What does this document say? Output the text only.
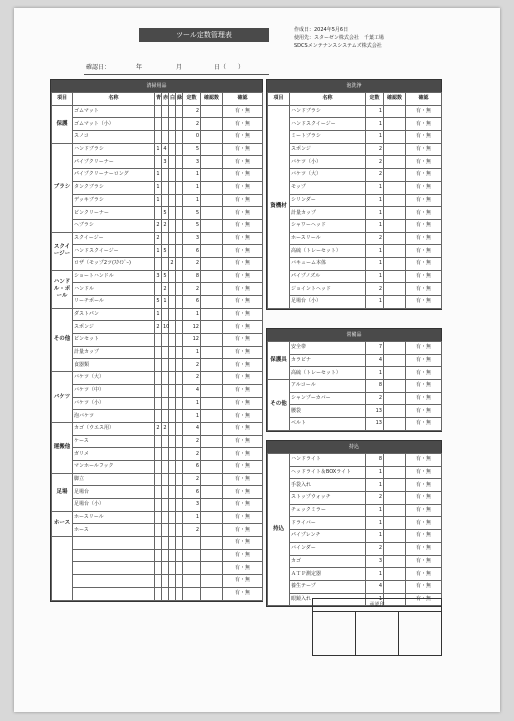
ツール定数管理表
作成日：2024年5月6日
使用先：スターゼン株式会社　千葉工場
SDCSメンテナンスシステムズ株式会社
確認日：	年	月	日（　　）
清掃用品
項目	名称	青	赤	白	緑	定数	確認数	確認
保護	ゴムマット					2		有・無
	ゴムマット（小）					2		有・無
	スノコ					0		有・無
ブラシ	ハンドブラシ	1	4			5		有・無
	パイプクリーナー		3			3		有・無
	パイプクリーナーロング	1				1		有・無
	タンクブラシ	1				1		有・無
	デッキブラシ	1				1		有・無
	ピンクリーナー		5			5		有・無
	ヘブラシ	2	2			5		有・無
スクイージー	スクイージー	2				3		有・無
	ハンドスクイージー	1	5			6		有・無
	ロザ（モップ2ツ(ｽｸｲｼﾞｰ)			2		2		有・無
ハンドル・ポール	ショートハンドル	3	5			8		有・無
	ハンドル		2			2		有・無
	リーチポール	5	1			6		有・無
その他	ダストパン	1				1		有・無
	スポンジ	2	10			12		有・無
	ピンセット					12		有・無
	計量カップ					1		有・無
	食器類					2		有・無
バケツ	バケツ（大）					2		有・無
	バケツ（中）					4		有・無
	バケツ（小）					1		有・無
	泡バケツ					1		有・無
運搬他	カゴ（ウエス用）	2	2			4		有・無
	ケース					2		有・無
	ガリメ					2		有・無
	マンホールフック					6		有・無
足場	脚立					2		有・無
	足場台					6		有・無
	足場台（小）					3		有・無
ホース	ホースリール					1		有・無
	ホース					2		有・無
								有・無
								有・無
								有・無
								有・無
								有・無
泡洗浄
項目	名称	定数	確認数	確認
資機材	ハンドブラシ	1		有・無
	ハンドスクイージー	1		有・無
	ミートブラシ	1		有・無
	スポンジ	2		有・無
	バケツ（小）	2		有・無
	バケツ（大）	2		有・無
	モップ	1		有・無
	シリンダー	1		有・無
	計量カップ	1		有・無
	シャワーヘッド	1		有・無
	ホースリール	2		有・無
	高硫（トレーセット）	1		有・無
	バキューム本体	1		有・無
	パイプノズル	1		有・無
	ジョイントヘッド	2		有・無
	足場台（小）	1		有・無
常備品
保護具	安全帯	7		有・無
	カラビナ	4		有・無
	高硫（トレーセット）	1		有・無
その他	アルコール	8		有・無
	シャンプーカバー	2		有・無
	腰袋	13		有・無
	ベルト	13		有・無
持込
持込	ハンドライト	8		有・無
	ヘッドライト＆BOXライト	1		有・無
	手袋入れ	1		有・無
	ストップウォッチ	2		有・無
	チェックミラー	1		有・無
	ドライバー	1		有・無
	パイプレンチ	1		有・無
	バインダー	2		有・無
	カゴ	3		有・無
	ＡＴＰ測定器	1		有・無
	養生テープ	4		有・無
	眼鏡入れ	1		有・無
承認印
